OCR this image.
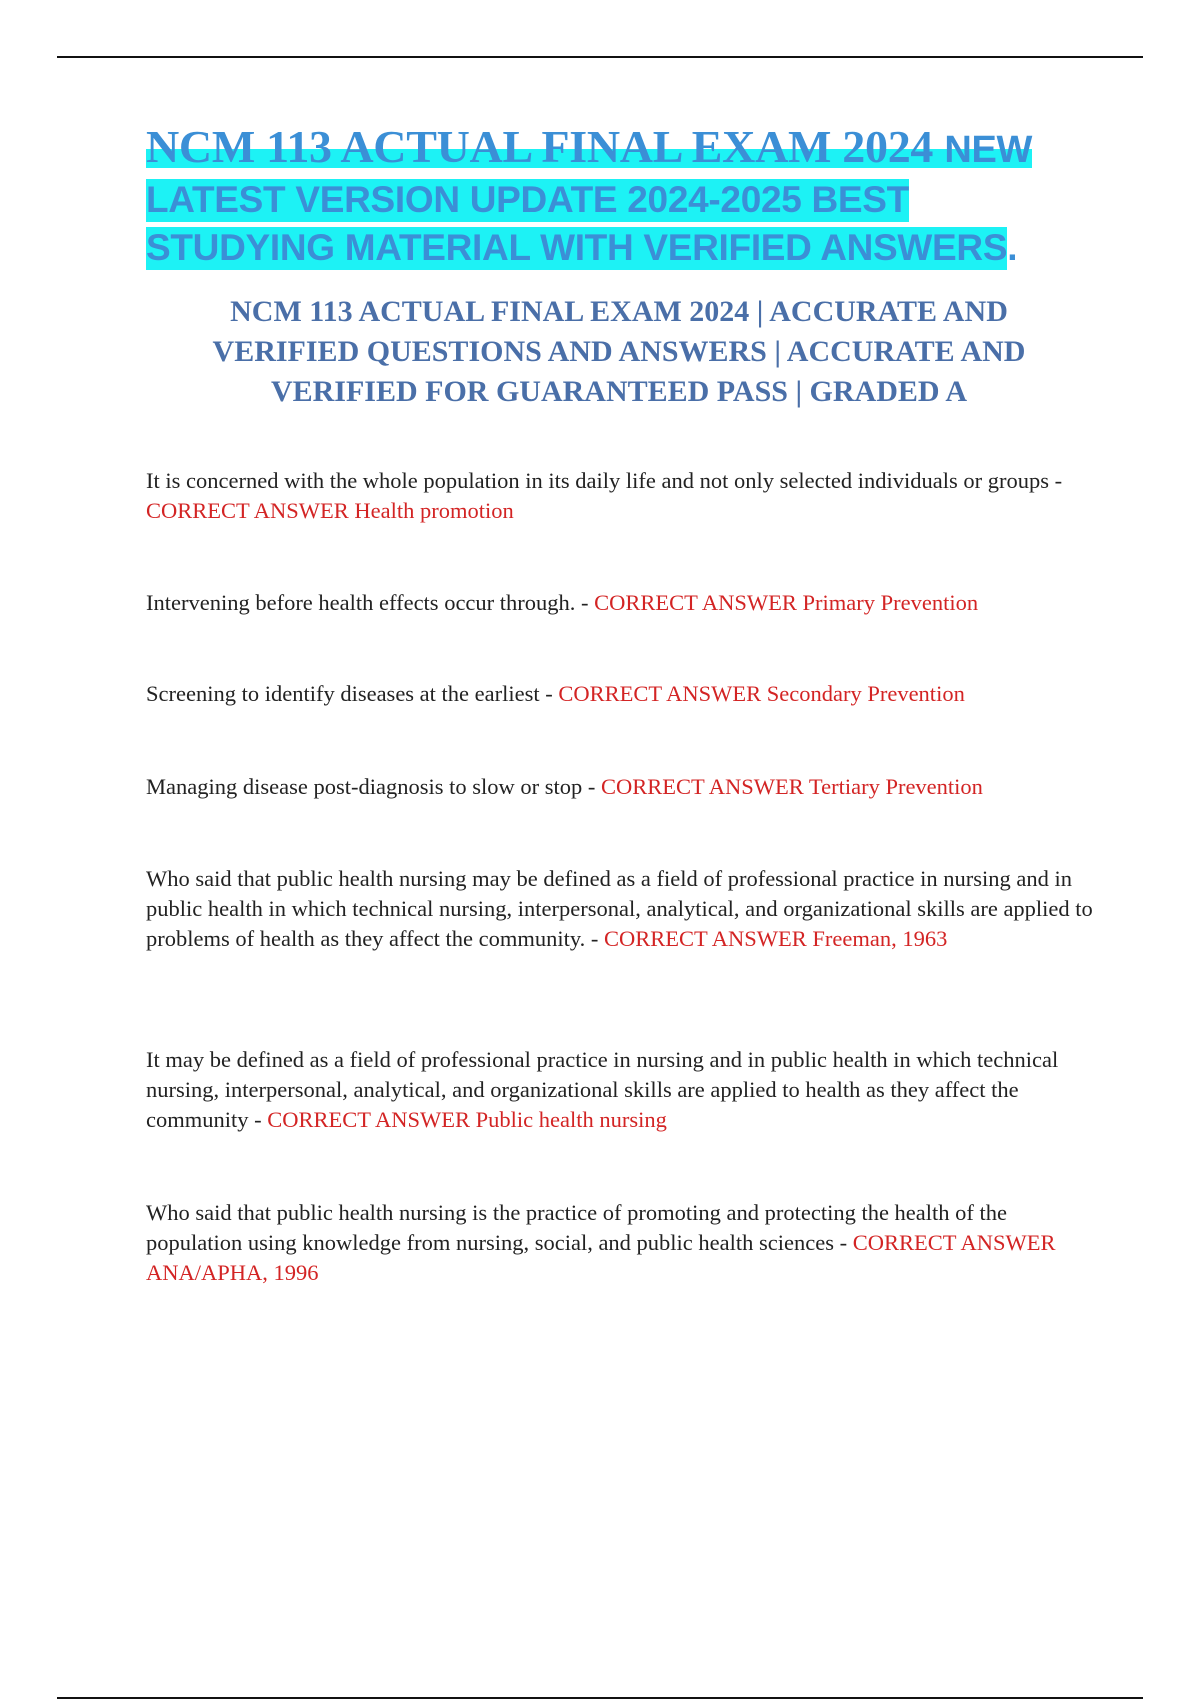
NCM 113 ACTUAL FINAL EXAM 2024 NEW
LATEST VERSION UPDATE 2024-2025 BEST
STUDYING MATERIAL WITH VERIFIED ANSWERS.
NCM 113 ACTUAL FINAL EXAM 2024 | ACCURATE AND
VERIFIED QUESTIONS AND ANSWERS | ACCURATE AND
VERIFIED FOR GUARANTEED PASS | GRADED A
It is concerned with the whole population in its daily life and not only selected individuals or groups - CORRECT ANSWER Health promotion
Intervening before health effects occur through. - CORRECT ANSWER Primary Prevention
Screening to identify diseases at the earliest - CORRECT ANSWER Secondary Prevention
Managing disease post-diagnosis to slow or stop - CORRECT ANSWER Tertiary Prevention
Who said that public health nursing may be defined as a field of professional practice in nursing and in public health in which technical nursing, interpersonal, analytical, and organizational skills are applied to problems of health as they affect the community. - CORRECT ANSWER Freeman, 1963
It may be defined as a field of professional practice in nursing and in public health in which technical nursing, interpersonal, analytical, and organizational skills are applied to health as they affect the community - CORRECT ANSWER Public health nursing
Who said that public health nursing is the practice of promoting and protecting the health of the population using knowledge from nursing, social, and public health sciences - CORRECT ANSWER ANA/APHA, 1996
